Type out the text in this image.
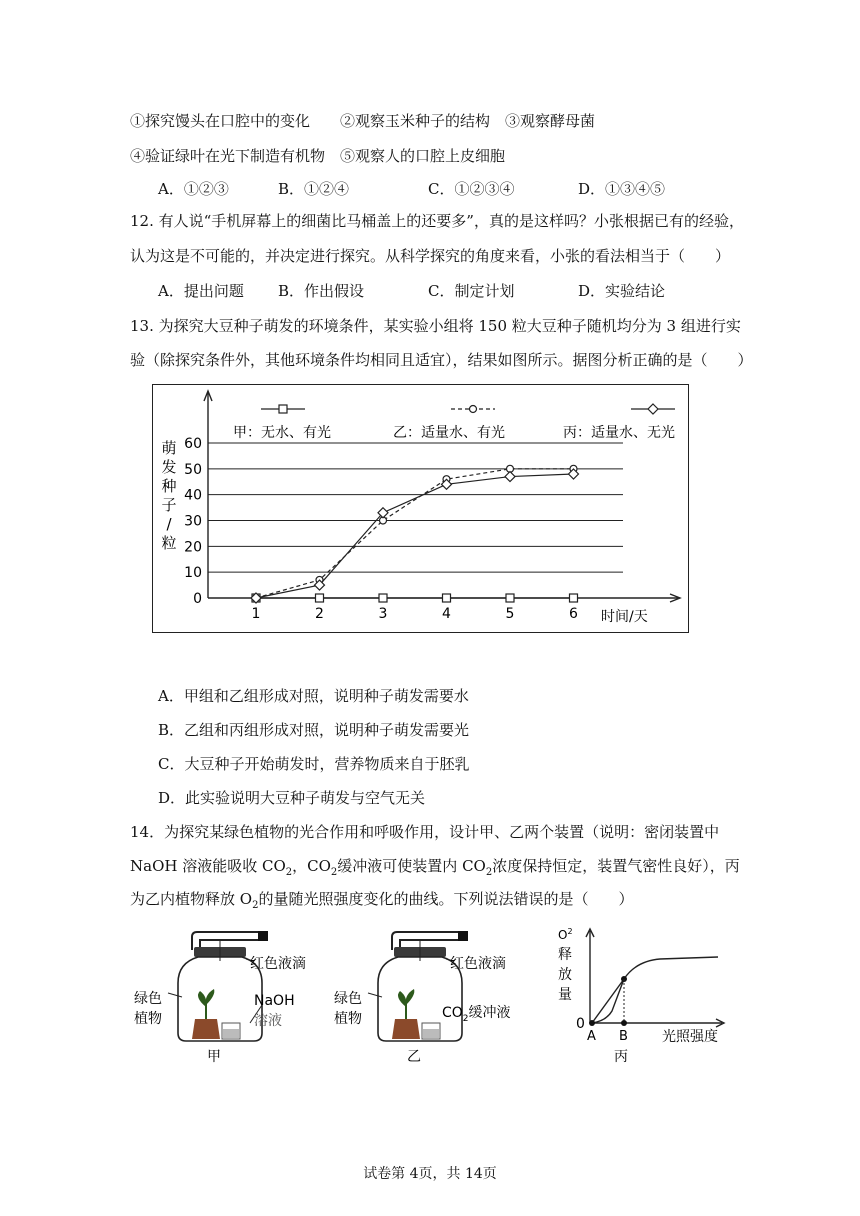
①探究馒头在口腔中的变化　　②观察玉米种子的结构　③观察酵母菌
④验证绿叶在光下制造有机物　⑤观察人的口腔上皮细胞
A．①②③	B．①②④	C．①②③④	D．①③④⑤
12. 有人说“手机屏幕上的细菌比马桶盖上的还要多”，真的是这样吗？小张根据已有的经验，
认为这是不可能的，并决定进行探究。从科学探究的角度来看，小张的看法相当于（　　）
A．提出问题 B．作出假设	C．制定计划	D．实验结论
13. 为探究大豆种子萌发的环境条件，某实验小组将 150 粒大豆种子随机均分为 3 组进行实
验（除探究条件外，其他环境条件均相同且适宜），结果如图所示。据图分析正确的是（　　）
甲：无水、有光	乙：适量水、有光	丙：适量水、无光
0
10
20
30
40
50
60
1	2	3	4	5	6 时间/天
萌
发
种
子
/
粒
A．甲组和乙组形成对照，说明种子萌发需要水
B．乙组和丙组形成对照，说明种子萌发需要光
C．大豆种子开始萌发时，营养物质来自于胚乳
D．此实验说明大豆种子萌发与空气无关
14．为探究某绿色植物的光合作用和呼吸作用，设计甲、乙两个装置（说明：密闭装置中
NaOH 溶液能吸收 $CO_2$，$CO_2$缓冲液可使装置内 $CO_2$浓度保持恒定，装置气密性良好），丙
为乙内植物释放 $O_2$的量随光照强度变化的曲线。下列说法错误的是（　　）
红色液滴
绿色
植物
NaOH
溶液
甲
红色液滴
绿色
植物	$CO_2$缓冲液
乙
$O^2$
释
放
量
0
A B 光照强度
丙
试卷第 4页，共 14页
